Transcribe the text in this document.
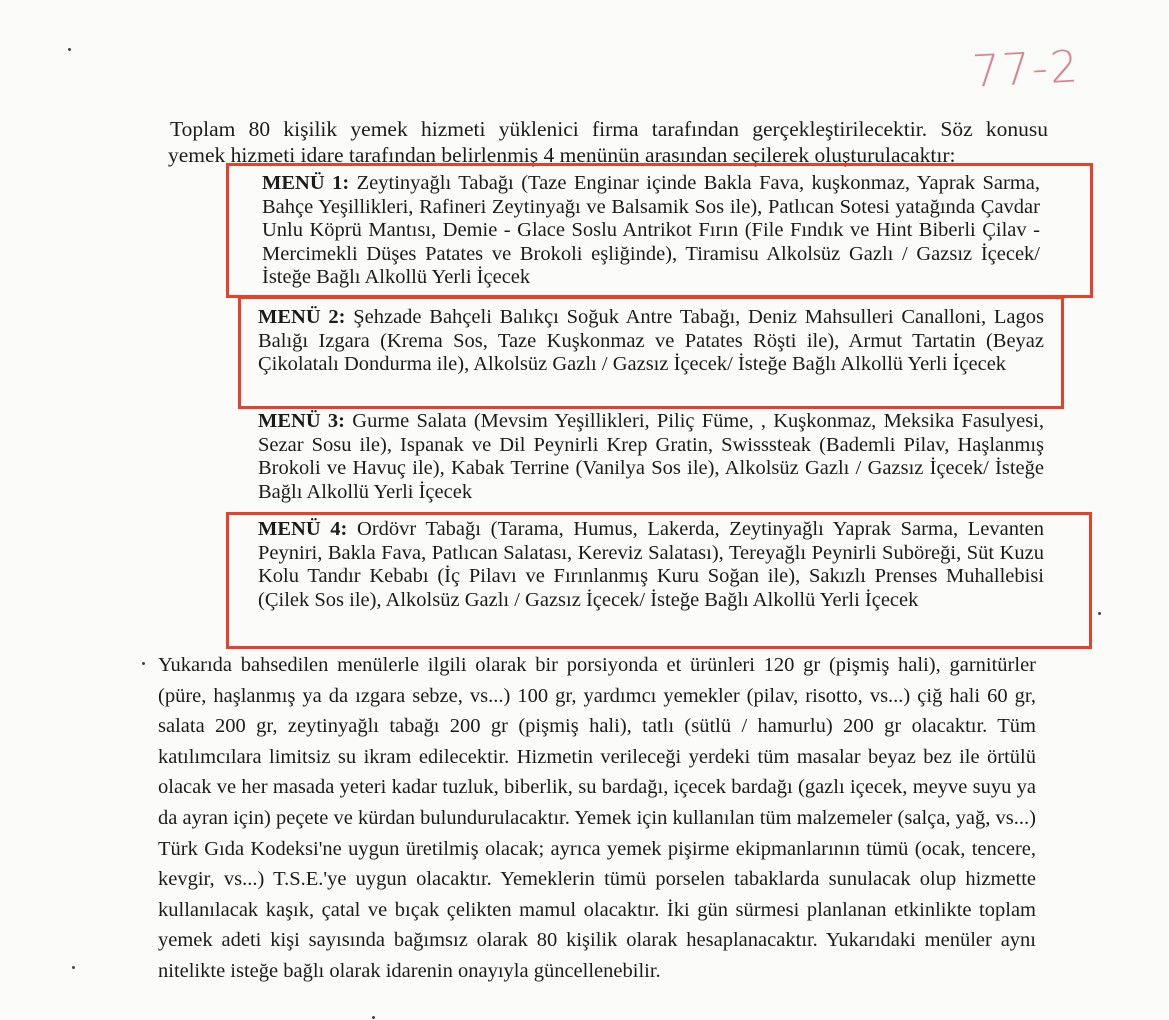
77-2

Toplam 80 kişilik yemek hizmeti yüklenici firma tarafından gerçekleştirilecektir. Söz konusu

yemek hizmeti idare tarafından belirlenmiş 4 menünün arasından seçilerek oluşturulacaktır:

MENÜ 1: Zeytinyağlı Tabağı (Taze Enginar içinde Bakla Fava, kuşkonmaz, Yaprak Sarma, Bahçe Yeşillikleri, Rafineri Zeytinyağı ve Balsamik Sos ile), Patlıcan Sotesi yatağında Çavdar Unlu Köprü Mantısı, Demie - Glace Soslu Antrikot Fırın (File Fındık ve Hint Biberli Çilav - Mercimekli Düşes Patates ve Brokoli eşliğinde), Tiramisu Alkolsüz Gazlı / Gazsız İçecek/İsteğe Bağlı Alkollü Yerli İçecek
MENÜ 2: Şehzade Bahçeli Balıkçı Soğuk Antre Tabağı, Deniz Mahsulleri Canalloni, Lagos Balığı Izgara (Krema Sos, Taze Kuşkonmaz ve Patates Röşti ile), Armut Tartatin (Beyaz Çikolatalı Dondurma ile), Alkolsüz Gazlı / Gazsız İçecek/ İsteğe Bağlı Alkollü Yerli İçecek
MENÜ 3: Gurme Salata (Mevsim Yeşillikleri, Piliç Füme, , Kuşkonmaz, Meksika Fasulyesi, Sezar Sosu ile), Ispanak ve Dil Peynirli Krep Gratin, Swisssteak (Bademli Pilav, Haşlanmış Brokoli ve Havuç ile), Kabak Terrine (Vanilya Sos ile), Alkolsüz Gazlı / Gazsız İçecek/ İsteğe Bağlı Alkollü Yerli İçecek
MENÜ 4: Ordövr Tabağı (Tarama, Humus, Lakerda, Zeytinyağlı Yaprak Sarma, Levanten Peyniri, Bakla Fava, Patlıcan Salatası, Kereviz Salatası), Tereyağlı Peynirli Suböreği, Süt Kuzu Kolu Tandır Kebabı (İç Pilavı ve Fırınlanmış Kuru Soğan ile), Sakızlı Prenses Muhallebisi (Çilek Sos ile), Alkolsüz Gazlı / Gazsız İçecek/ İsteğe Bağlı Alkollü Yerli İçecek

Yukarıda bahsedilen menülerle ilgili olarak bir porsiyonda et ürünleri 120 gr (pişmiş hali), garnitürler (püre, haşlanmış ya da ızgara sebze, vs...) 100 gr, yardımcı yemekler (pilav, risotto, vs...) çiğ hali 60 gr, salata 200 gr, zeytinyağlı tabağı 200 gr (pişmiş hali), tatlı (sütlü / hamurlu) 200 gr olacaktır. Tüm katılımcılara limitsiz su ikram edilecektir. Hizmetin verileceği yerdeki tüm masalar beyaz bez ile örtülü olacak ve her masada yeteri kadar tuzluk, biberlik, su bardağı, içecek bardağı (gazlı içecek, meyve suyu ya da ayran için) peçete ve kürdan bulundurulacaktır. Yemek için kullanılan tüm malzemeler (salça, yağ, vs...) Türk Gıda Kodeksi'ne uygun üretilmiş olacak; ayrıca yemek pişirme ekipmanlarının tümü (ocak, tencere, kevgir, vs...) T.S.E.'ye uygun olacaktır. Yemeklerin tümü porselen tabaklarda sunulacak olup hizmette kullanılacak kaşık, çatal ve bıçak çelikten mamul olacaktır. İki gün sürmesi planlanan etkinlikte toplam yemek adeti kişi sayısında bağımsız olarak 80 kişilik olarak hesaplanacaktır. Yukarıdaki menüler aynı nitelikte isteğe bağlı olarak idarenin onayıyla güncellenebilir.
